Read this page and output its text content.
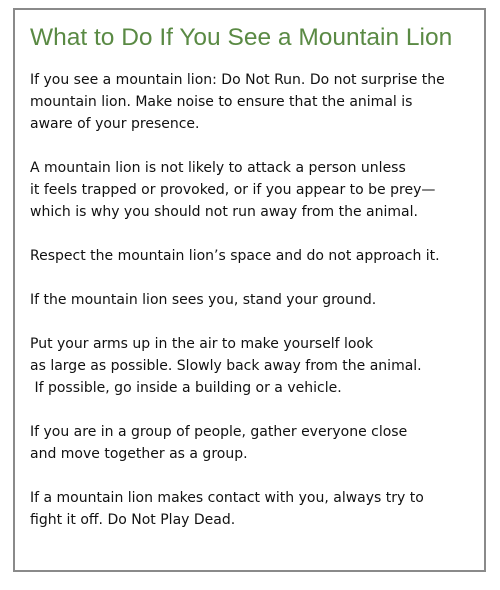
What to Do If You See a Mountain Lion

If you see a mountain lion: Do Not Run. Do not surprise the
mountain lion. Make noise to ensure that the animal is
aware of your presence.

A mountain lion is not likely to attack a person unless
it feels trapped or provoked, or if you appear to be prey—
which is why you should not run away from the animal.

Respect the mountain lion’s space and do not approach it.

If the mountain lion sees you, stand your ground.

Put your arms up in the air to make yourself look
as large as possible. Slowly back away from the animal.
If possible, go inside a building or a vehicle.

If you are in a group of people, gather everyone close
and move together as a group.

If a mountain lion makes contact with you, always try to
fight it off. Do Not Play Dead.
